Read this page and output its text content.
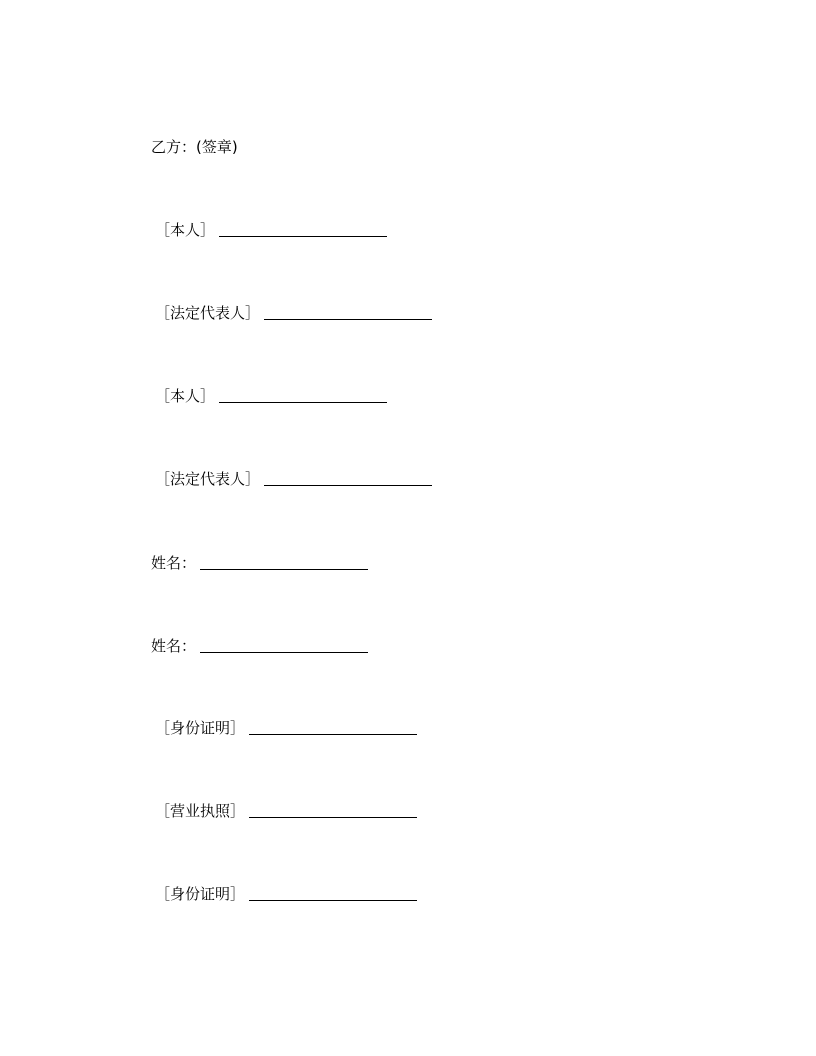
乙方：(签章)
［本人］
［法定代表人］
［本人］
［法定代表人］
姓名：
姓名：
［身份证明］
［营业执照］
［身份证明］
